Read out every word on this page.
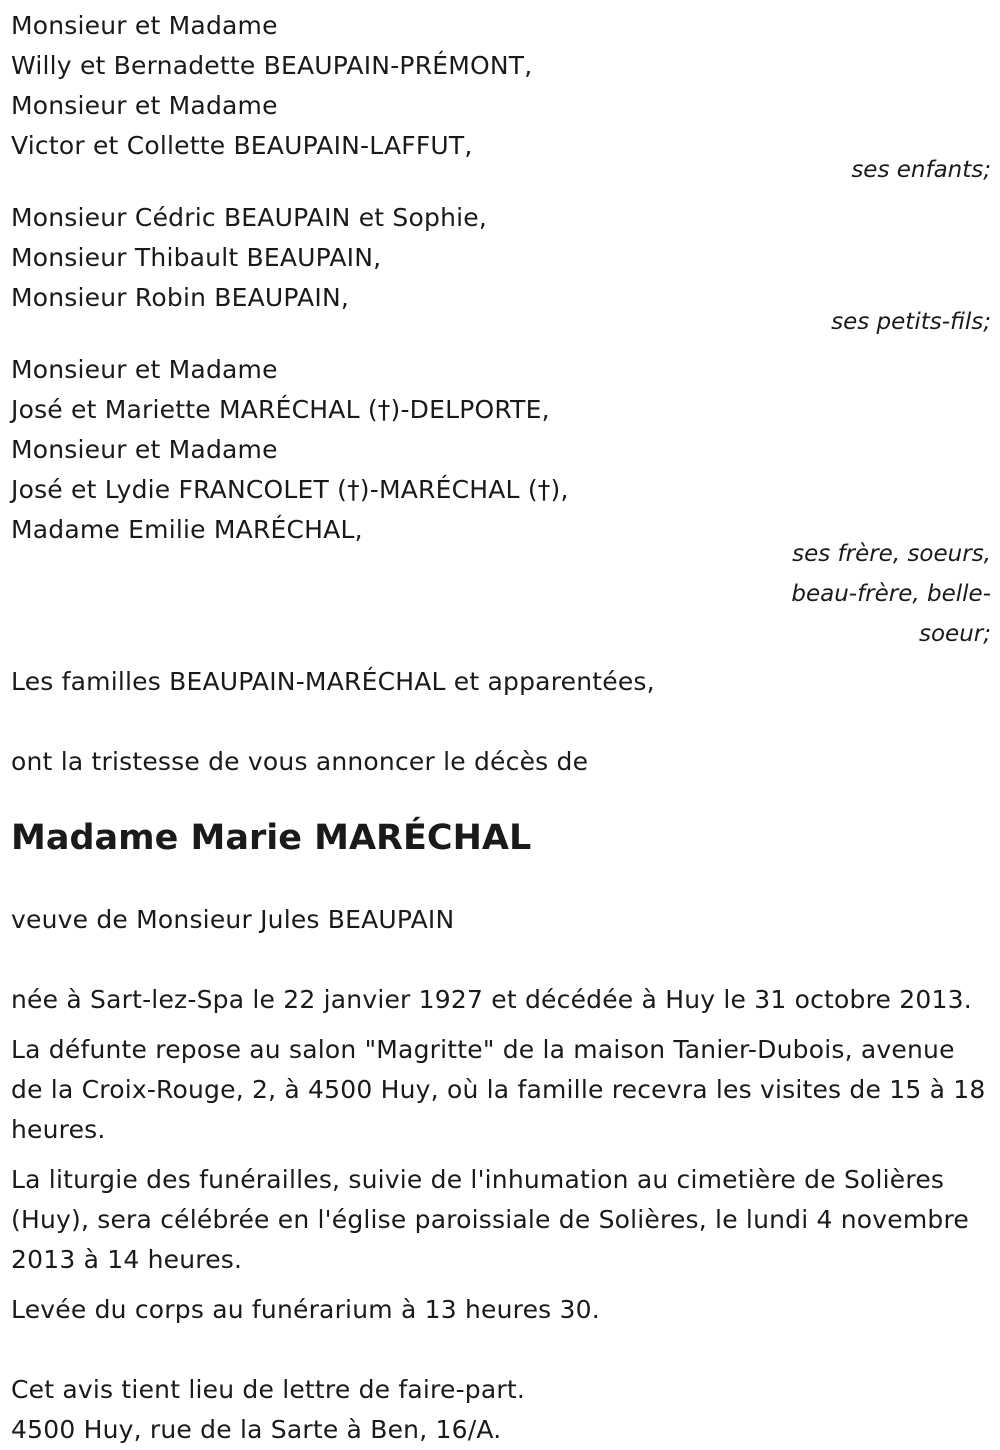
Monsieur et Madame
Willy et Bernadette BEAUPAIN-PRÉMONT,
Monsieur et Madame
Victor et Collette BEAUPAIN-LAFFUT,
ses enfants;
Monsieur Cédric BEAUPAIN et Sophie,
Monsieur Thibault BEAUPAIN,
Monsieur Robin BEAUPAIN,
ses petits-fils;
Monsieur et Madame
José et Mariette MARÉCHAL (†)-DELPORTE,
Monsieur et Madame
José et Lydie FRANCOLET (†)-MARÉCHAL (†),
Madame Emilie MARÉCHAL,
ses frère, soeurs,
beau-frère, belle-
soeur;
Les familles BEAUPAIN-MARÉCHAL et apparentées,
ont la tristesse de vous annoncer le décès de
Madame Marie MARÉCHAL
veuve de Monsieur Jules BEAUPAIN
née à Sart-lez-Spa le 22 janvier 1927 et décédée à Huy le 31 octobre 2013.
La défunte repose au salon "Magritte" de la maison Tanier-Dubois, avenue de la Croix-Rouge, 2, à 4500 Huy, où la famille recevra les visites de 15 à 18 heures.
La liturgie des funérailles, suivie de l'inhumation au cimetière de Solières (Huy), sera célébrée en l'église paroissiale de Solières, le lundi 4 novembre 2013 à 14 heures.
Levée du corps au funérarium à 13 heures 30.
Cet avis tient lieu de lettre de faire-part.
4500 Huy, rue de la Sarte à Ben, 16/A.
